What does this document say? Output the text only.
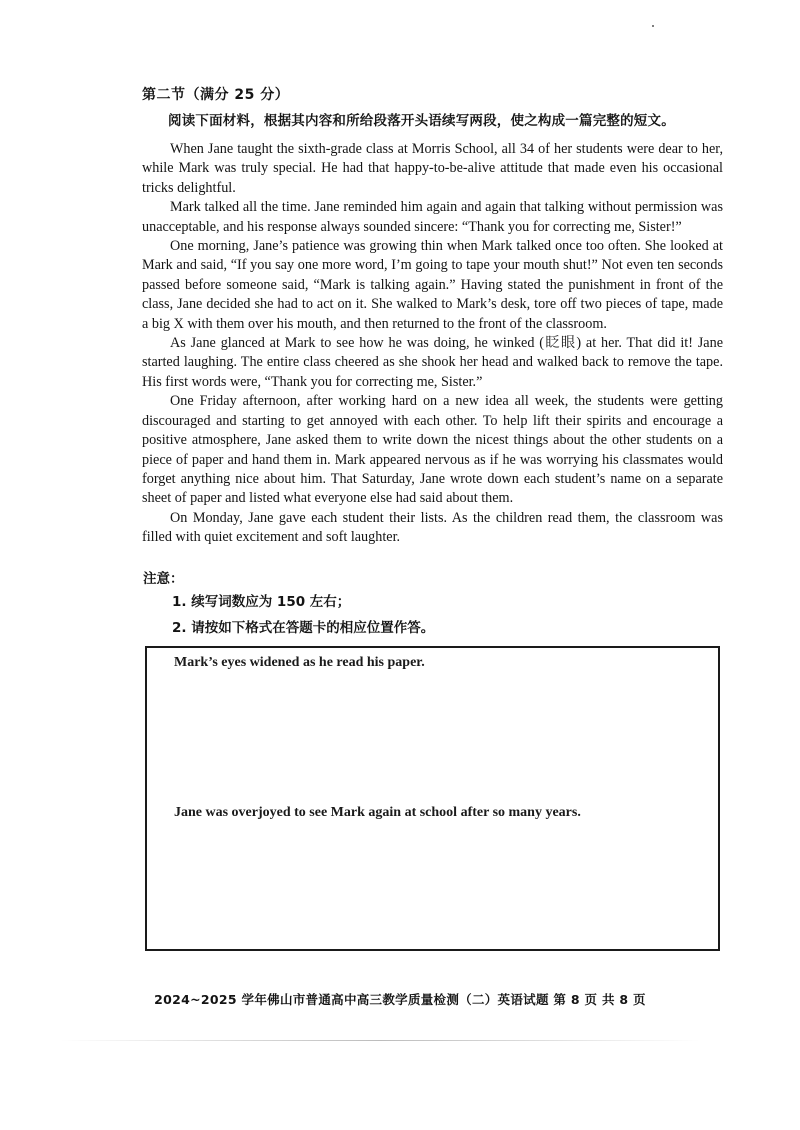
第二节（满分 25 分）
阅读下面材料，根据其内容和所给段落开头语续写两段，使之构成一篇完整的短文。

When Jane taught the sixth-grade class at Morris School, all 34 of her students were dear to her, while Mark was truly special. He had that happy-to-be-alive attitude that made even his occasional tricks delightful.

Mark talked all the time. Jane reminded him again and again that talking without permission was unacceptable, and his response always sounded sincere: “Thank you for correcting me, Sister!”

One morning, Jane’s patience was growing thin when Mark talked once too often. She looked at Mark and said, “If you say one more word, I’m going to tape your mouth shut!” Not even ten seconds passed before someone said, “Mark is talking again.” Having stated the punishment in front of the class, Jane decided she had to act on it. She walked to Mark’s desk, tore off two pieces of tape, made a big X with them over his mouth, and then returned to the front of the classroom.

As Jane glanced at Mark to see how he was doing, he winked (眨眼) at her. That did it! Jane started laughing. The entire class cheered as she shook her head and walked back to remove the tape. His first words were, “Thank you for correcting me, Sister.”

One Friday afternoon, after working hard on a new idea all week, the students were getting discouraged and starting to get annoyed with each other. To help lift their spirits and encourage a positive atmosphere, Jane asked them to write down the nicest things about the other students on a piece of paper and hand them in. Mark appeared nervous as if he was worrying his classmates would forget anything nice about him. That Saturday, Jane wrote down each student’s name on a separate sheet of paper and listed what everyone else had said about them.

On Monday, Jane gave each student their lists. As the children read them, the classroom was filled with quiet excitement and soft laughter.

注意：
1. 续写词数应为 150 左右；
2. 请按如下格式在答题卡的相应位置作答。
Mark’s eyes widened as he read his paper.
Jane was overjoyed to see Mark again at school after so many years.
2024~2025 学年佛山市普通高中高三教学质量检测（二）英语试题 第 8 页 共 8 页
